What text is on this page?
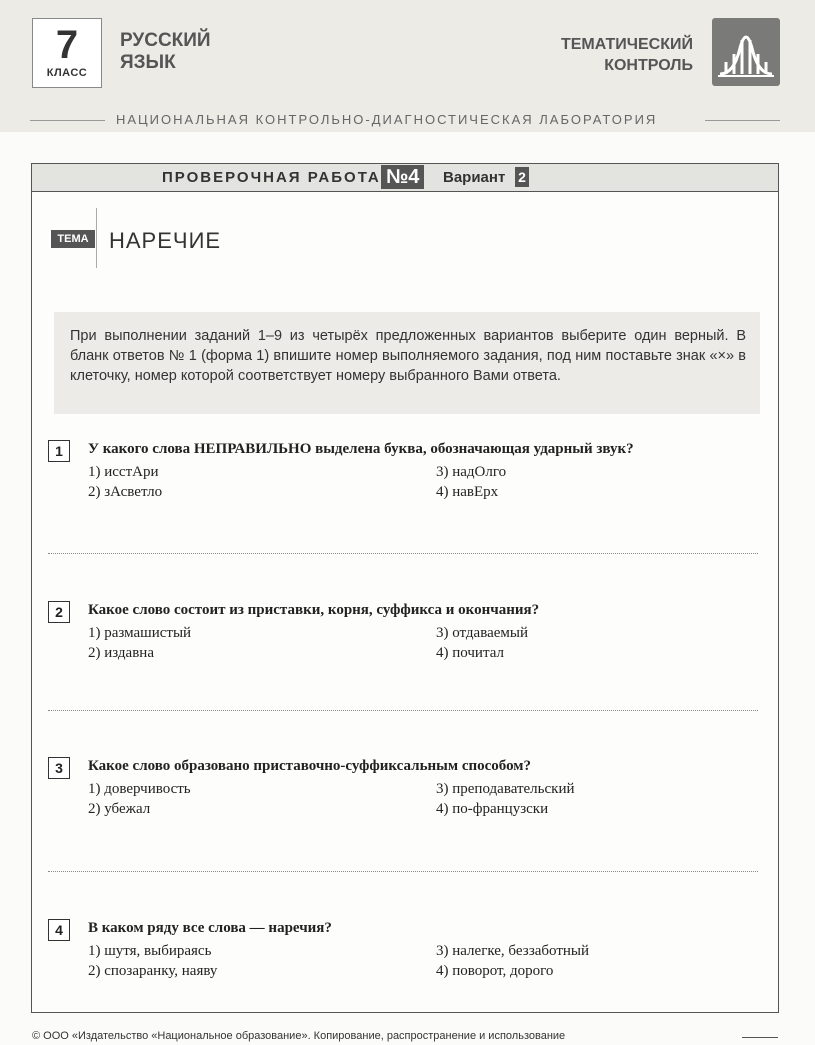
7
КЛАСС
РУССКИЙ
ЯЗЫК
ТЕМАТИЧЕСКИЙ
КОНТРОЛЬ
НАЦИОНАЛЬНАЯ КОНТРОЛЬНО-ДИАГНОСТИЧЕСКАЯ ЛАБОРАТОРИЯ
ПРОВЕРОЧНАЯ РАБОТА №4	Вариант 2
ТЕМА НАРЕЧИЕ

При выполнении заданий 1–9 из четырёх предложенных вариантов выберите один верный. В бланк ответов № 1 (форма 1) впишите номер выполняемого задания, под ним поставьте знак «×» в клеточку, номер которой соответствует номеру выбранного Вами ответа.

1	У какого слова НЕПРАВИЛЬНО выделена буква, обозначающая ударный звук?
1) исстАри
2) зАсветло
3) надОлго
4) навЕрх
2	Какое слово состоит из приставки, корня, суффикса и окончания?
1) размашистый
2) издавна
3) отдаваемый
4) почитал
3	Какое слово образовано приставочно-суффиксальным способом?
1) доверчивость
2) убежал
3) преподавательский
4) по-французски
4	В каком ряду все слова — наречия?
1) шутя, выбираясь
2) спозаранку, наяву
3) налегке, беззаботный
4) поворот, дорого
© ООО «Издательство «Национальное образование». Копирование, распространение и использование
